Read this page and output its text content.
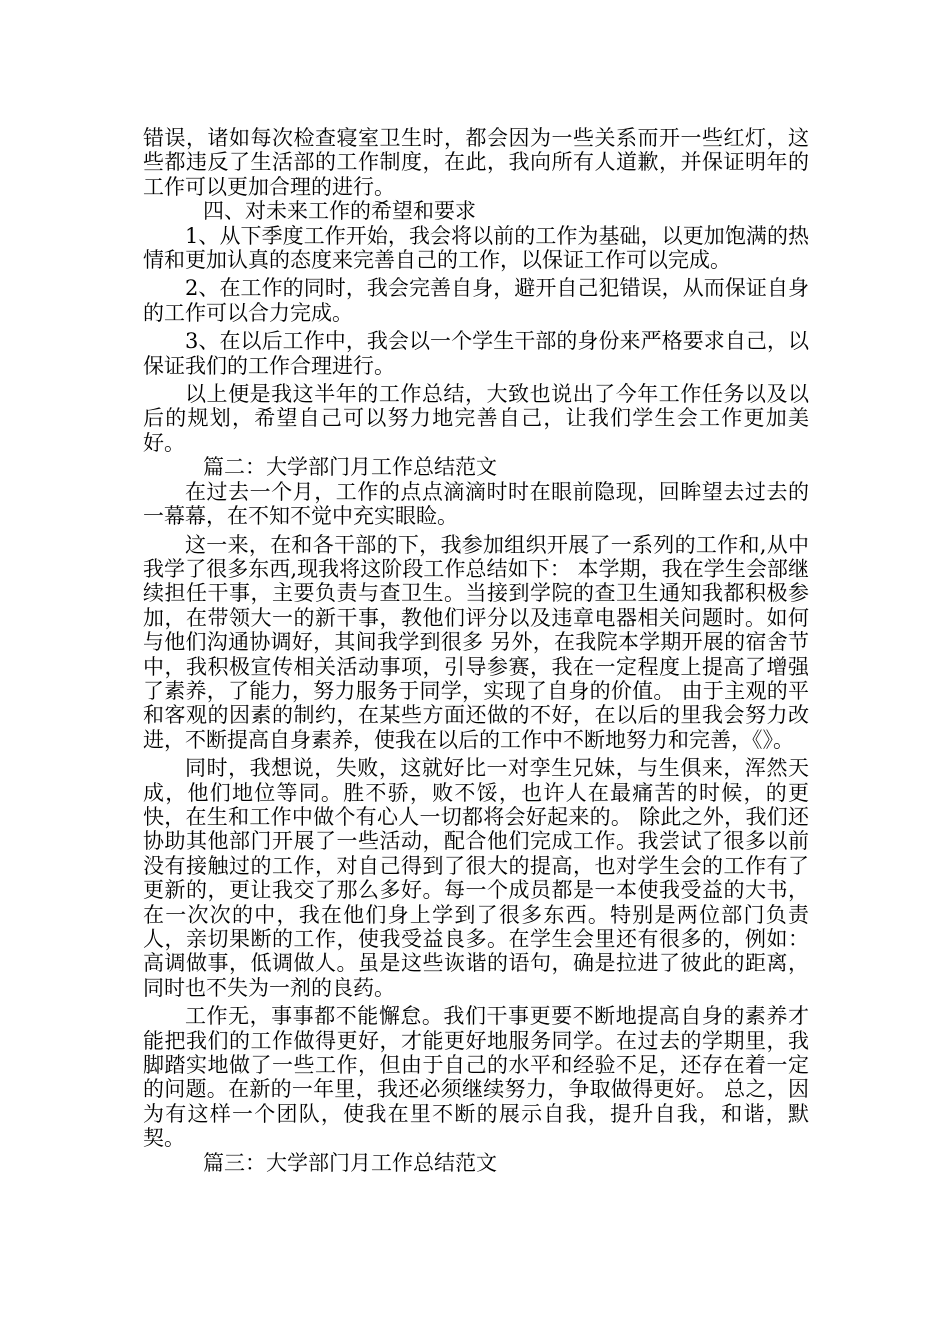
错误，诸如每次检查寝室卫生时，都会因为一些关系而开一些红灯，这些都违反了生活部的工作制度，在此，我向所有人道歉，并保证明年的工作可以更加合理的进行。

四、对未来工作的希望和要求

1、从下季度工作开始，我会将以前的工作为基础，以更加饱满的热情和更加认真的态度来完善自己的工作，以保证工作可以完成。

2、在工作的同时，我会完善自身，避开自己犯错误，从而保证自身的工作可以合力完成。

3、在以后工作中，我会以一个学生干部的身份来严格要求自己，以保证我们的工作合理进行。

以上便是我这半年的工作总结，大致也说出了今年工作任务以及以后的规划，希望自己可以努力地完善自己，让我们学生会工作更加美好。

篇二：大学部门月工作总结范文

在过去一个月，工作的点点滴滴时时在眼前隐现，回眸望去过去的一幕幕，在不知不觉中充实眼睑。

这一来，在和各干部的下，我参加组织开展了一系列的工作和,从中我学了很多东西,现我将这阶段工作总结如下： 本学期，我在学生会部继续担任干事，主要负责与查卫生。当接到学院的查卫生通知我都积极参加，在带领大一的新干事，教他们评分以及违章电器相关问题时。如何与他们沟通协调好，其间我学到很多 另外，在我院本学期开展的宿舍节中，我积极宣传相关活动事项，引导参赛，我在一定程度上提高了增强了素养，了能力，努力服务于同学，实现了自身的价值。 由于主观的平和客观的因素的制约，在某些方面还做的不好，在以后的里我会努力改进，不断提高自身素养，使我在以后的工作中不断地努力和完善，《》。

同时，我想说，失败，这就好比一对孪生兄妹，与生俱来，浑然天成，他们地位等同。胜不骄，败不馁，也许人在最痛苦的时候，的更快，在生和工作中做个有心人一切都将会好起来的。 除此之外，我们还协助其他部门开展了一些活动，配合他们完成工作。我尝试了很多以前没有接触过的工作，对自己得到了很大的提高，也对学生会的工作有了更新的，更让我交了那么多好。每一个成员都是一本使我受益的大书，在一次次的中，我在他们身上学到了很多东西。特别是两位部门负责人，亲切果断的工作，使我受益良多。在学生会里还有很多的，例如：高调做事，低调做人。虽是这些诙谐的语句，确是拉进了彼此的距离，同时也不失为一剂的良药。

工作无，事事都不能懈怠。我们干事更要不断地提高自身的素养才能把我们的工作做得更好，才能更好地服务同学。在过去的学期里，我脚踏实地做了一些工作，但由于自己的水平和经验不足，还存在着一定的问题。在新的一年里，我还必须继续努力，争取做得更好。 总之，因为有这样一个团队，使我在里不断的展示自我，提升自我，和谐，默契。

篇三：大学部门月工作总结范文
